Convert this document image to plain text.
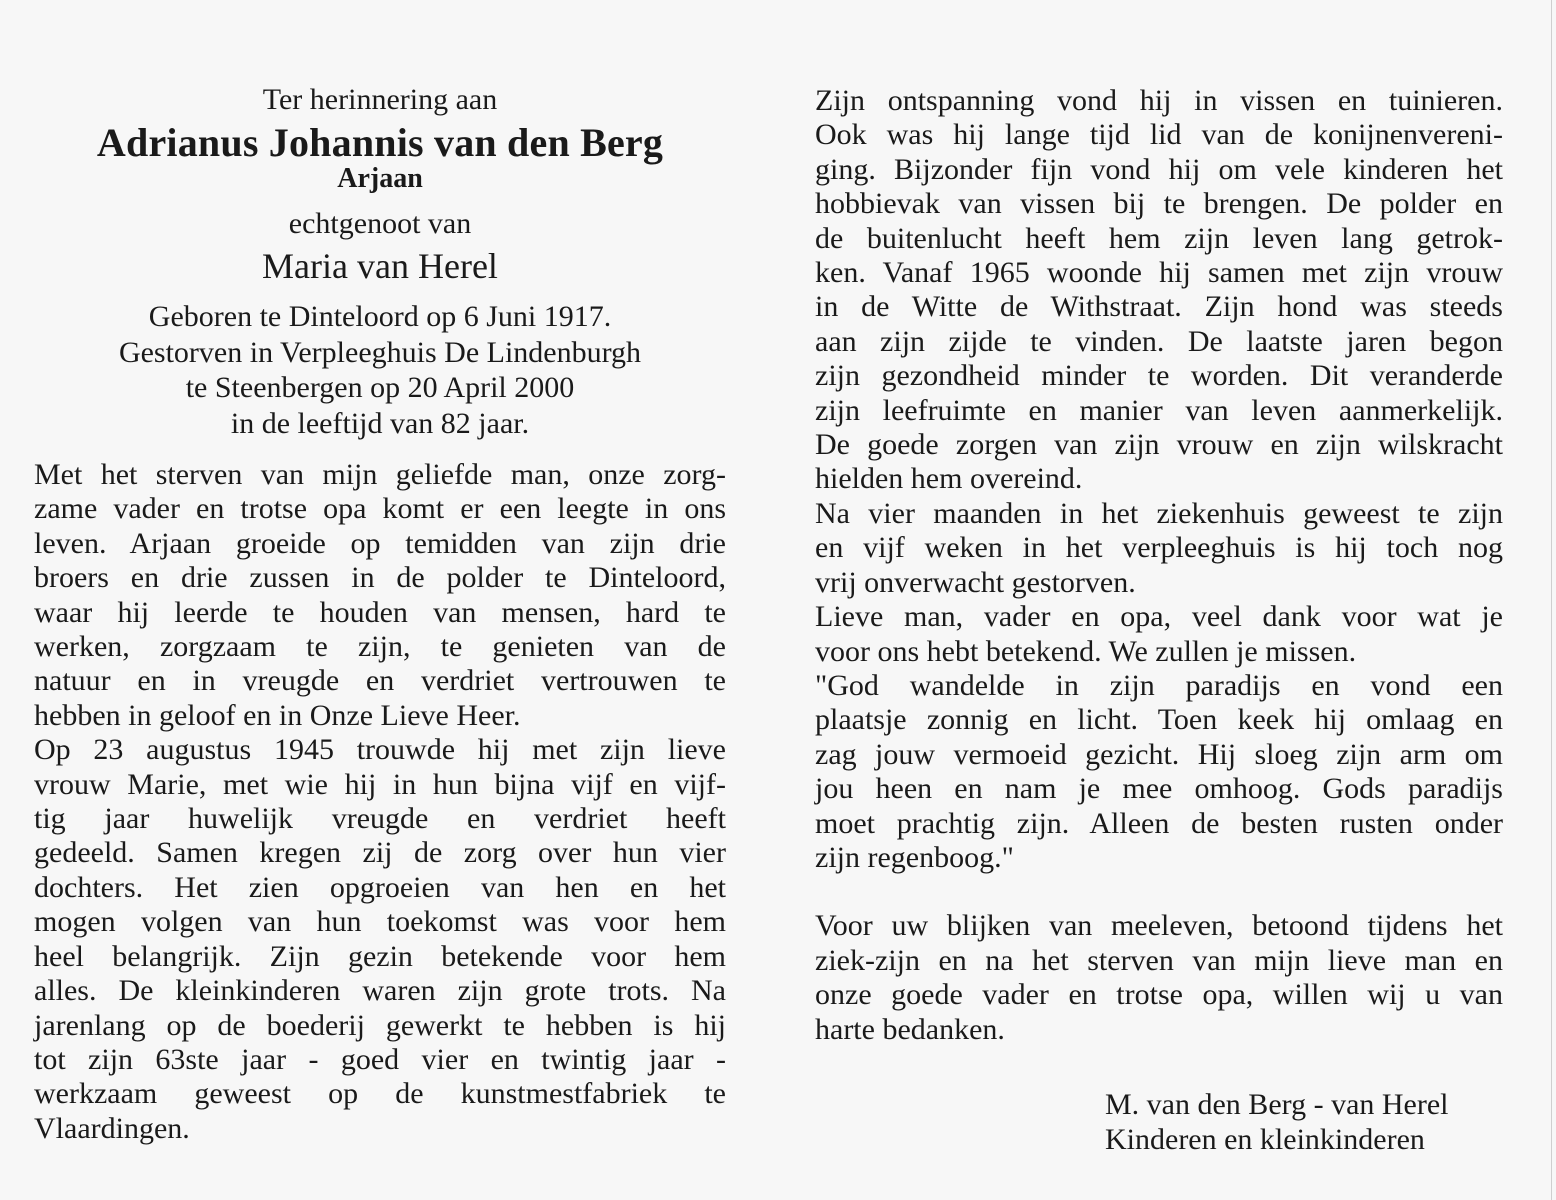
Ter herinnering aan
Adrianus Johannis van den Berg
Arjaan
echtgenoot van
Maria van Herel
Geboren te Dinteloord op 6 Juni 1917.
Gestorven in Verpleeghuis De Lindenburgh
te Steenbergen op 20 April 2000
in de leeftijd van 82 jaar.
Met het sterven van mijn geliefde man, onze zorg-
zame vader en trotse opa komt er een leegte in ons
leven. Arjaan groeide op temidden van zijn drie
broers en drie zussen in de polder te Dinteloord,
waar hij leerde te houden van mensen, hard te
werken, zorgzaam te zijn, te genieten van de
natuur en in vreugde en verdriet vertrouwen te
hebben in geloof en in Onze Lieve Heer.
Op 23 augustus 1945 trouwde hij met zijn lieve
vrouw Marie, met wie hij in hun bijna vijf en vijf-
tig jaar huwelijk vreugde en verdriet heeft
gedeeld. Samen kregen zij de zorg over hun vier
dochters. Het zien opgroeien van hen en het
mogen volgen van hun toekomst was voor hem
heel belangrijk. Zijn gezin betekende voor hem
alles. De kleinkinderen waren zijn grote trots. Na
jarenlang op de boederij gewerkt te hebben is hij
tot zijn 63ste jaar - goed vier en twintig jaar -
werkzaam geweest op de kunstmestfabriek te
Vlaardingen.
Zijn ontspanning vond hij in vissen en tuinieren.
Ook was hij lange tijd lid van de konijnenvereni-
ging. Bijzonder fijn vond hij om vele kinderen het
hobbievak van vissen bij te brengen. De polder en
de buitenlucht heeft hem zijn leven lang getrok-
ken. Vanaf 1965 woonde hij samen met zijn vrouw
in de Witte de Withstraat. Zijn hond was steeds
aan zijn zijde te vinden. De laatste jaren begon
zijn gezondheid minder te worden. Dit veranderde
zijn leefruimte en manier van leven aanmerkelijk.
De goede zorgen van zijn vrouw en zijn wilskracht
hielden hem overeind.
Na vier maanden in het ziekenhuis geweest te zijn
en vijf weken in het verpleeghuis is hij toch nog
vrij onverwacht gestorven.
Lieve man, vader en opa, veel dank voor wat je
voor ons hebt betekend. We zullen je missen.
"God wandelde in zijn paradijs en vond een
plaatsje zonnig en licht. Toen keek hij omlaag en
zag jouw vermoeid gezicht. Hij sloeg zijn arm om
jou heen en nam je mee omhoog. Gods paradijs
moet prachtig zijn. Alleen de besten rusten onder
zijn regenboog."
Voor uw blijken van meeleven, betoond tijdens het
ziek-zijn en na het sterven van mijn lieve man en
onze goede vader en trotse opa, willen wij u van
harte bedanken.
M. van den Berg - van Herel
Kinderen en kleinkinderen
